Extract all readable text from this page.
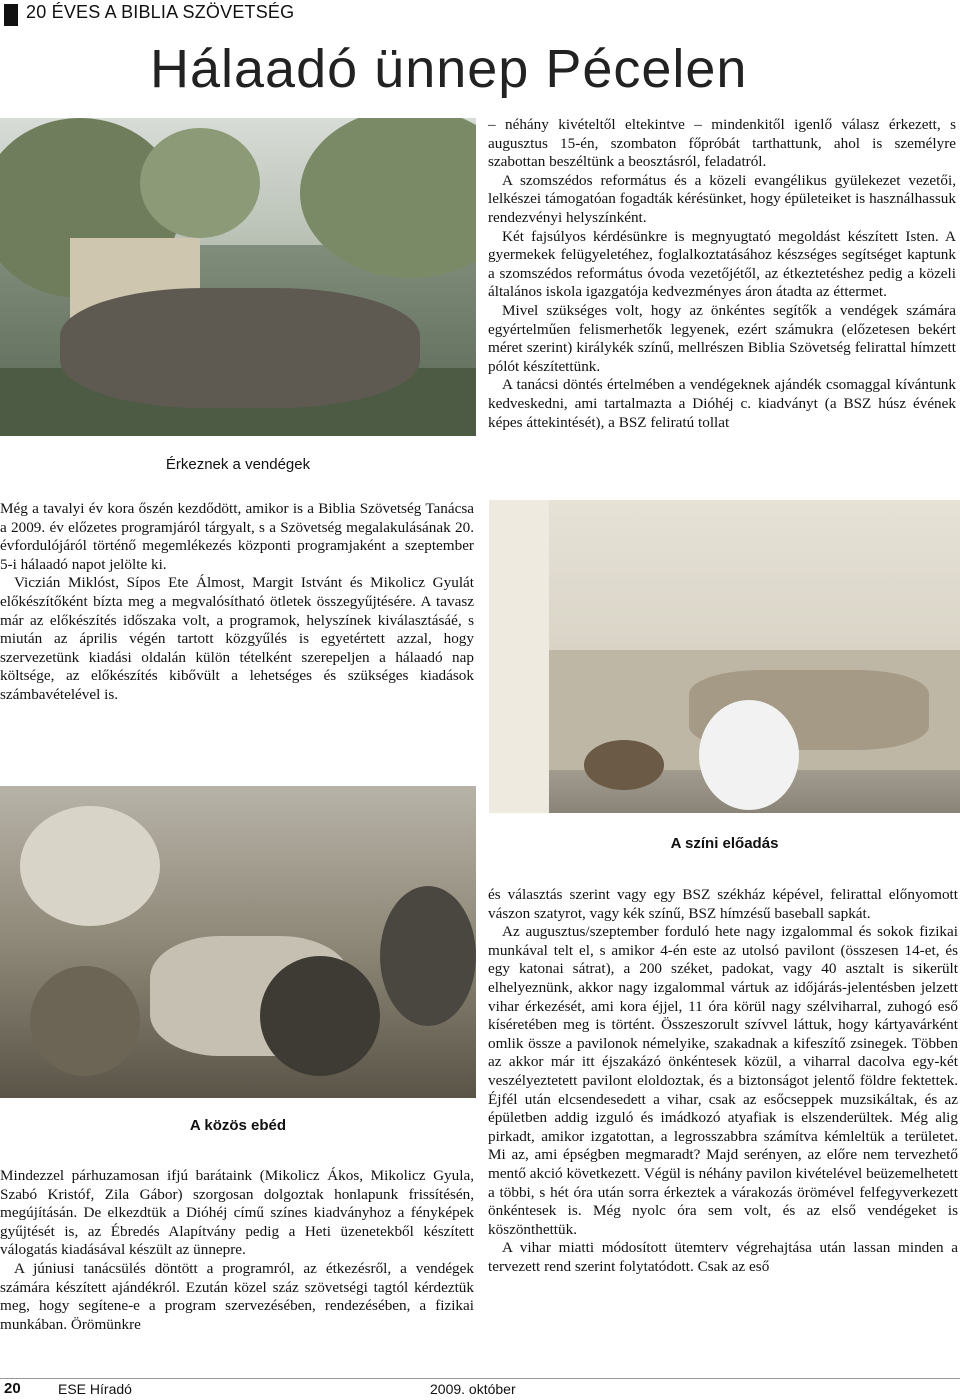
20 ÉVES A BIBLIA SZÖVETSÉG
Hálaadó ünnep Pécelen
Érkeznek a vendégek

– néhány kivételtől eltekintve – mindenkitől igenlő válasz érkezett, s augusztus 15-én, szombaton főpróbát tarthattunk, ahol is személyre szabottan beszéltünk a beosztásról, feladatról.

A szomszédos református és a közeli evangélikus gyülekezet vezetői, lelkészei támogatóan fogadták kérésünket, hogy épületeiket is használhassuk rendezvényi helyszínként.

Két fajsúlyos kérdésünkre is megnyugtató megoldást készített Isten. A gyermekek felügyeletéhez, foglalkoztatásához készséges segítséget kaptunk a szomszédos református óvoda vezetőjétől, az étkeztetéshez pedig a közeli általános iskola igazgatója kedvezményes áron átadta az éttermet.

Mivel szükséges volt, hogy az önkéntes segítők a vendégek számára egyértelműen felismerhetők legyenek, ezért számukra (előzetesen bekért méret szerint) királykék színű, mellrészen Biblia Szövetség felirattal hímzett pólót készítettünk.

A tanácsi döntés értelmében a vendégeknek ajándék csomaggal kívántunk kedveskedni, ami tartalmazta a Dióhéj c. kiadványt (a BSZ húsz évének képes áttekintését), a BSZ feliratú tollat

Még a tavalyi év kora őszén kezdődött, amikor is a Biblia Szövetség Tanácsa a 2009. év előzetes programjáról tárgyalt, s a Szövetség megalakulásának 20. évfordulójáról történő megemlékezés központi programjaként a szeptember 5-i hálaadó napot jelölte ki.

Viczián Miklóst, Sípos Ete Álmost, Margit Istvánt és Mikolicz Gyulát előkészítőként bízta meg a megvalósítható ötletek összegyűjtésére. A tavasz már az előkészítés időszaka volt, a programok, helyszínek kiválasztásáé, s miután az április végén tartott közgyűlés is egyetértett azzal, hogy szervezetünk kiadási oldalán külön tételként szerepeljen a hálaadó nap költsége, az előkészítés kibővült a lehetséges és szükséges kiadások számbavételével is.

A színi előadás
A közös ebéd

Mindezzel párhuzamosan ifjú barátaink (Mikolicz Ákos, Mikolicz Gyula, Szabó Kristóf, Zila Gábor) szorgosan dolgoztak honlapunk frissítésén, megújításán. De elkezdtük a Dióhéj című színes kiadványhoz a fényképek gyűjtését is, az Ébredés Alapítvány pedig a Heti üzenetekből készített válogatás kiadásával készült az ünnepre.

A júniusi tanácsülés döntött a programról, az étkezésről, a vendégek számára készített ajándékról. Ezután közel száz szövetségi tagtól kérdeztük meg, hogy segítene-e a program szervezésében, rendezésében, a fizikai munkában. Örömünkre

és választás szerint vagy egy BSZ székház képével, felirattal előnyomott vászon szatyrot, vagy kék színű, BSZ hímzésű baseball sapkát.

Az augusztus/szeptember forduló hete nagy izgalommal és sokok fizikai munkával telt el, s amikor 4-én este az utolsó pavilont (összesen 14-et, és egy katonai sátrat), a 200 széket, padokat, vagy 40 asztalt is sikerült elhelyeznünk, akkor nagy izgalommal vártuk az időjárás-jelentésben jelzett vihar érkezését, ami kora éjjel, 11 óra körül nagy szélviharral, zuhogó eső kíséretében meg is történt. Összeszorult szívvel láttuk, hogy kártyavárként omlik össze a pavilonok némelyike, szakadnak a kifeszítő zsinegek. Többen az akkor már itt éjszakázó önkéntesek közül, a viharral dacolva egy-két veszélyeztetett pavilont eloldoztak, és a biztonságot jelentő földre fektettek. Éjfél után elcsendesedett a vihar, csak az esőcseppek muzsikáltak, és az épületben addig izguló és imádkozó atyafiak is elszenderültek. Még alig pirkadt, amikor izgatottan, a legrosszabbra számítva kémleltük a területet. Mi az, ami épségben megmaradt? Majd serényen, az előre nem tervezhető mentő akció következett. Végül is néhány pavilon kivételével beüzemelhetett a többi, s hét óra után sorra érkeztek a várakozás örömével felfegyverkezett önkéntesek is. Még nyolc óra sem volt, és az első vendégeket is köszönthettük.

A vihar miatti módosított ütemterv végrehajtása után lassan minden a tervezett rend szerint folytatódott. Csak az eső

20	ESE Híradó	2009. október
